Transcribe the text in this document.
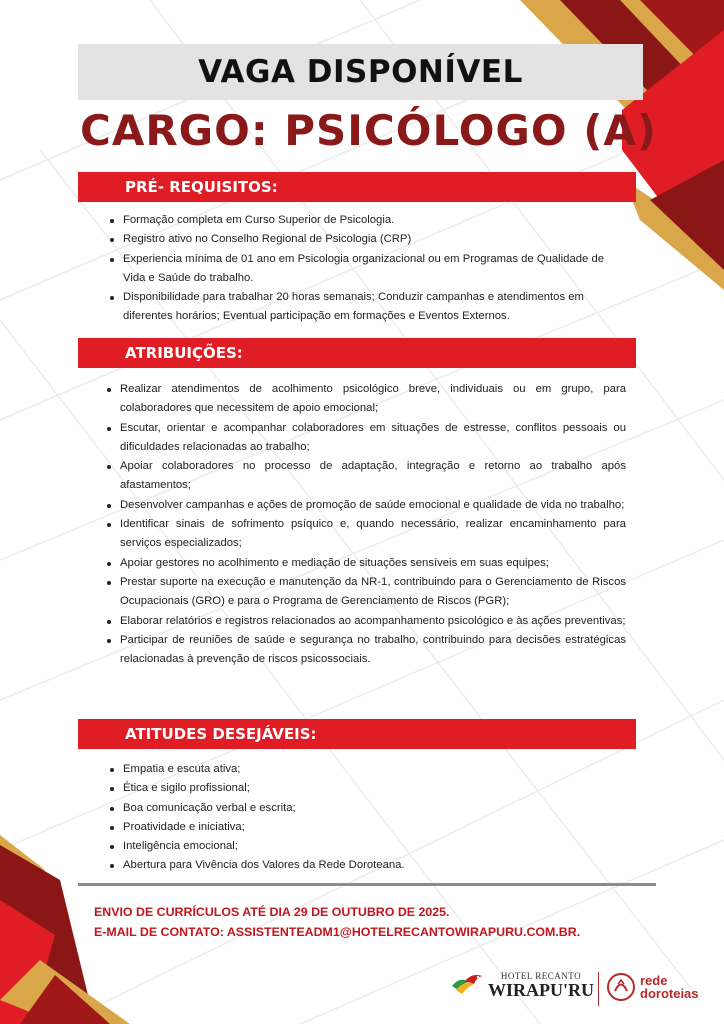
VAGA DISPONÍVEL
CARGO: PSICÓLOGO (A)
PRÉ- REQUISITOS:
Formação completa em Curso Superior de Psicologia.
Registro ativo no Conselho Regional de Psicologia (CRP)
Experiencia mínima de 01 ano em Psicologia organizacional ou em Programas de Qualidade de Vida e Saúde do trabalho.
Disponibilidade para trabalhar 20 horas semanais; Conduzir campanhas e atendimentos em diferentes horários; Eventual participação em formações e Eventos Externos.
ATRIBUIÇÕES:
Realizar atendimentos de acolhimento psicológico breve, individuais ou em grupo, para colaboradores que necessitem de apoio emocional;
Escutar, orientar e acompanhar colaboradores em situações de estresse, conflitos pessoais ou dificuldades relacionadas ao trabalho;
Apoiar colaboradores no processo de adaptação, integração e retorno ao trabalho após afastamentos;
Desenvolver campanhas e ações de promoção de saúde emocional e qualidade de vida no trabalho;
Identificar sinais de sofrimento psíquico e, quando necessário, realizar encaminhamento para serviços especializados;
Apoiar gestores no acolhimento e mediação de situações sensíveis em suas equipes;
Prestar suporte na execução e manutenção da NR-1, contribuindo para o Gerenciamento de Riscos Ocupacionais (GRO) e para o Programa de Gerenciamento de Riscos (PGR);
Elaborar relatórios e registros relacionados ao acompanhamento psicológico e às ações preventivas;
Participar de reuniões de saúde e segurança no trabalho, contribuindo para decisões estratégicas relacionadas à prevenção de riscos psicossociais.
ATITUDES DESEJÁVEIS:
Empatia e escuta ativa;
Ética e sigilo profissional;
Boa comunicação verbal e escrita;
Proatividade e iniciativa;
Inteligência emocional;
Abertura para Vivência dos Valores da Rede Doroteana.
ENVIO DE CURRÍCULOS ATÉ DIA 29 DE OUTUBRO DE 2025.
E-MAIL DE CONTATO: ASSISTENTEADM1@HOTELRECANTOWIRAPURU.COM.BR.
HOTEL RECANTO
WIRAPU'RU	rede
doroteias
